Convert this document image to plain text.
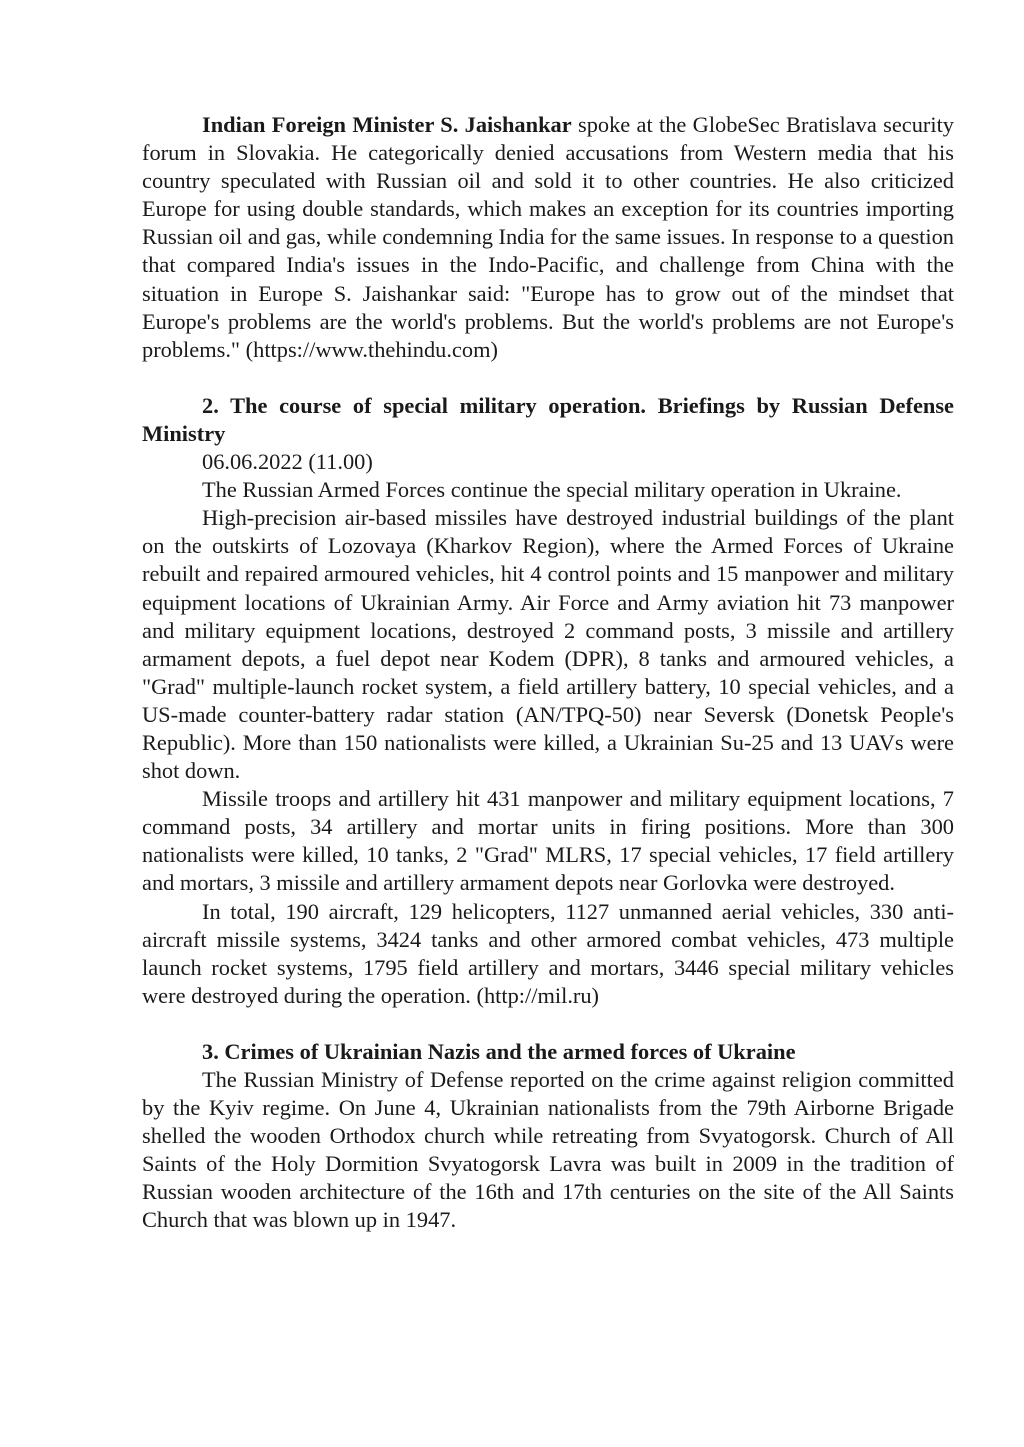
Indian Foreign Minister S. Jaishankar spoke at the GlobeSec Bratislava security forum in Slovakia. He categorically denied accusations from Western media that his country speculated with Russian oil and sold it to other countries. He also criticized Europe for using double standards, which makes an exception for its countries importing Russian oil and gas, while condemning India for the same issues. In response to a question that compared India's issues in the Indo-Pacific, and challenge from China with the situation in Europe S. Jaishankar said: "Europe has to grow out of the mindset that Europe's problems are the world's problems. But the world's problems are not Europe's problems." (https://www.thehindu.com)

2. The course of special military operation. Briefings by Russian Defense Ministry

06.06.2022 (11.00)

The Russian Armed Forces continue the special military operation in Ukraine.

High-precision air-based missiles have destroyed industrial buildings of the plant on the outskirts of Lozovaya (Kharkov Region), where the Armed Forces of Ukraine rebuilt and repaired armoured vehicles, hit 4 control points and 15 manpower and military equipment locations of Ukrainian Army. Air Force and Army aviation hit 73 manpower and military equipment locations, destroyed 2 command posts, 3 missile and artillery armament depots, a fuel depot near Kodem (DPR), 8 tanks and armoured vehicles, a "Grad" multiple-launch rocket system, a field artillery battery, 10 special vehicles, and a US-made counter-battery radar station (AN/TPQ-50) near Seversk (Donetsk People's Republic). More than 150 nationalists were killed, a Ukrainian Su-25 and 13 UAVs were shot down.

Missile troops and artillery hit 431 manpower and military equipment locations, 7 command posts, 34 artillery and mortar units in firing positions. More than 300 nationalists were killed, 10 tanks, 2 "Grad" MLRS, 17 special vehicles, 17 field artillery and mortars, 3 missile and artillery armament depots near Gorlovka were destroyed.

In total, 190 aircraft, 129 helicopters, 1127 unmanned aerial vehicles, 330 anti-aircraft missile systems, 3424 tanks and other armored combat vehicles, 473 multiple launch rocket systems, 1795 field artillery and mortars, 3446 special military vehicles were destroyed during the operation. (http://mil.ru)

3. Crimes of Ukrainian Nazis and the armed forces of Ukraine

The Russian Ministry of Defense reported on the crime against religion committed by the Kyiv regime. On June 4, Ukrainian nationalists from the 79th Airborne Brigade shelled the wooden Orthodox church while retreating from Svyatogorsk. Church of All Saints of the Holy Dormition Svyatogorsk Lavra was built in 2009 in the tradition of Russian wooden architecture of the 16th and 17th centuries on the site of the All Saints Church that was blown up in 1947.
